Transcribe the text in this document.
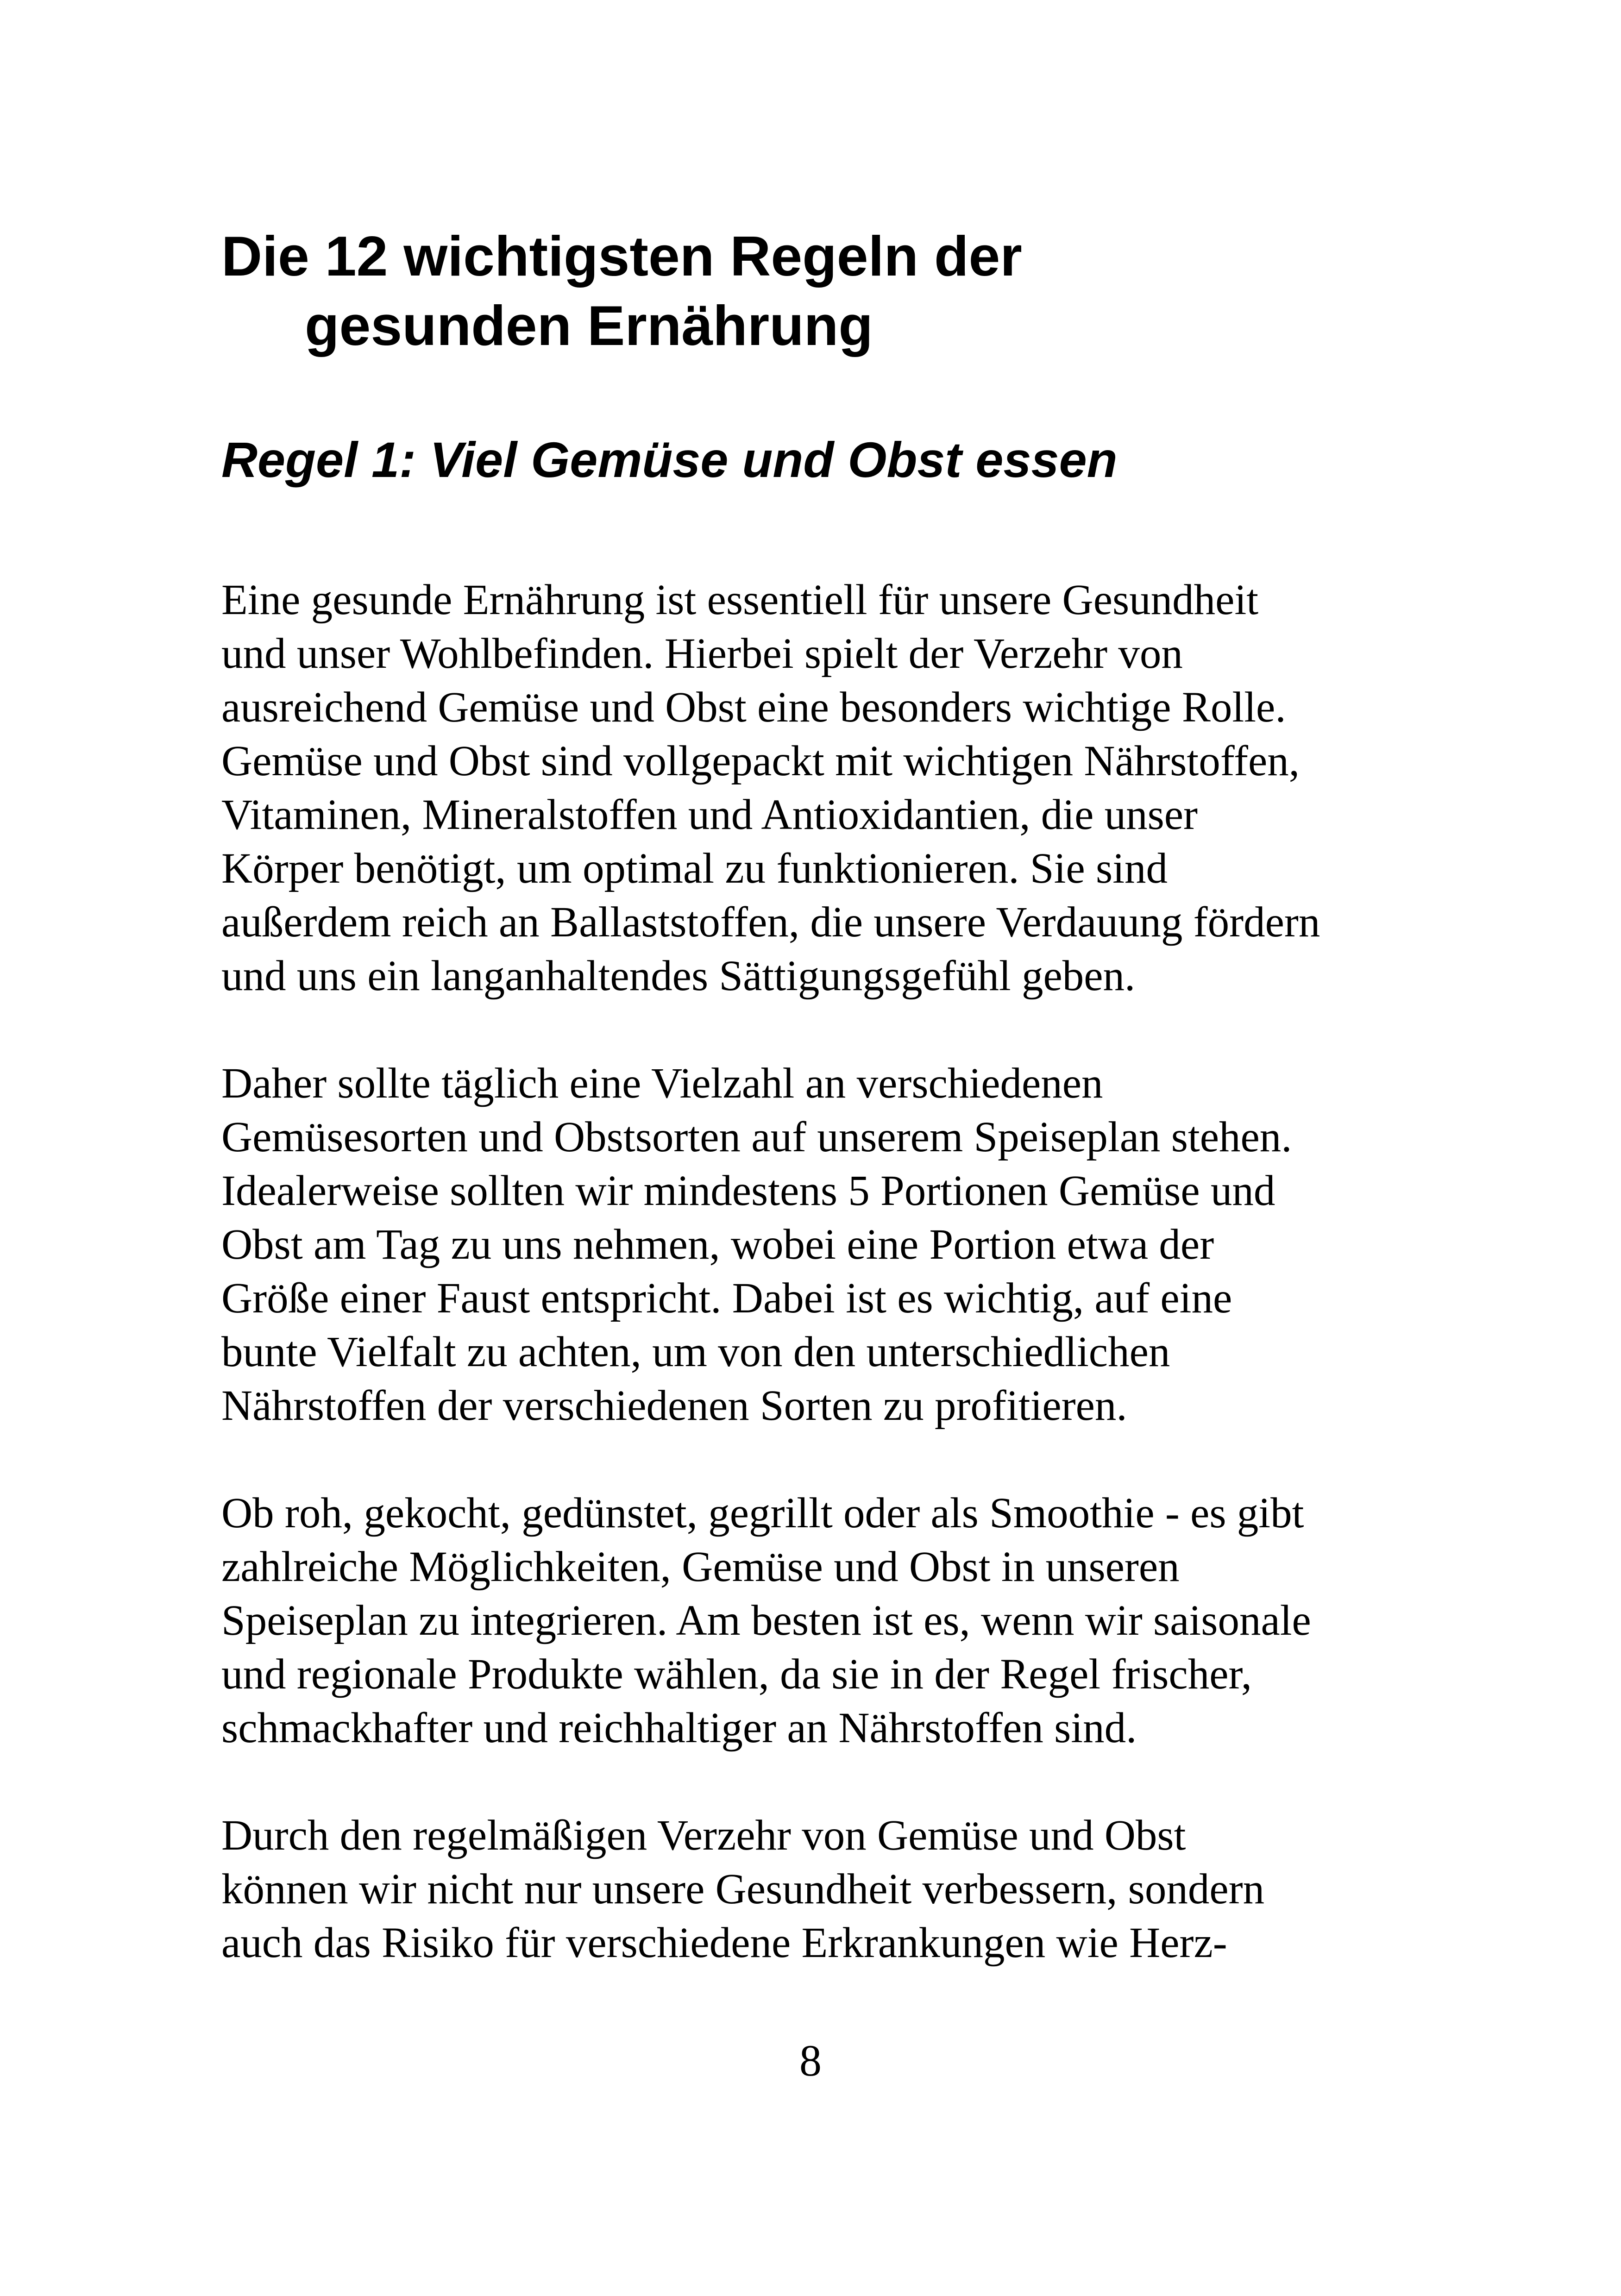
Die 12 wichtigsten Regeln der
gesunden Ernährung
Regel 1: Viel Gemüse und Obst essen

Eine gesunde Ernährung ist essentiell für unsere Gesundheit
und unser Wohlbefinden. Hierbei spielt der Verzehr von
ausreichend Gemüse und Obst eine besonders wichtige Rolle.
Gemüse und Obst sind vollgepackt mit wichtigen Nährstoffen,
Vitaminen, Mineralstoffen und Antioxidantien, die unser
Körper benötigt, um optimal zu funktionieren. Sie sind
außerdem reich an Ballaststoffen, die unsere Verdauung fördern
und uns ein langanhaltendes Sättigungsgefühl geben.

Daher sollte täglich eine Vielzahl an verschiedenen
Gemüsesorten und Obstsorten auf unserem Speiseplan stehen.
Idealerweise sollten wir mindestens 5 Portionen Gemüse und
Obst am Tag zu uns nehmen, wobei eine Portion etwa der
Größe einer Faust entspricht. Dabei ist es wichtig, auf eine
bunte Vielfalt zu achten, um von den unterschiedlichen
Nährstoffen der verschiedenen Sorten zu profitieren.

Ob roh, gekocht, gedünstet, gegrillt oder als Smoothie - es gibt
zahlreiche Möglichkeiten, Gemüse und Obst in unseren
Speiseplan zu integrieren. Am besten ist es, wenn wir saisonale
und regionale Produkte wählen, da sie in der Regel frischer,
schmackhafter und reichhaltiger an Nährstoffen sind.

Durch den regelmäßigen Verzehr von Gemüse und Obst
können wir nicht nur unsere Gesundheit verbessern, sondern
auch das Risiko für verschiedene Erkrankungen wie Herz-

8
